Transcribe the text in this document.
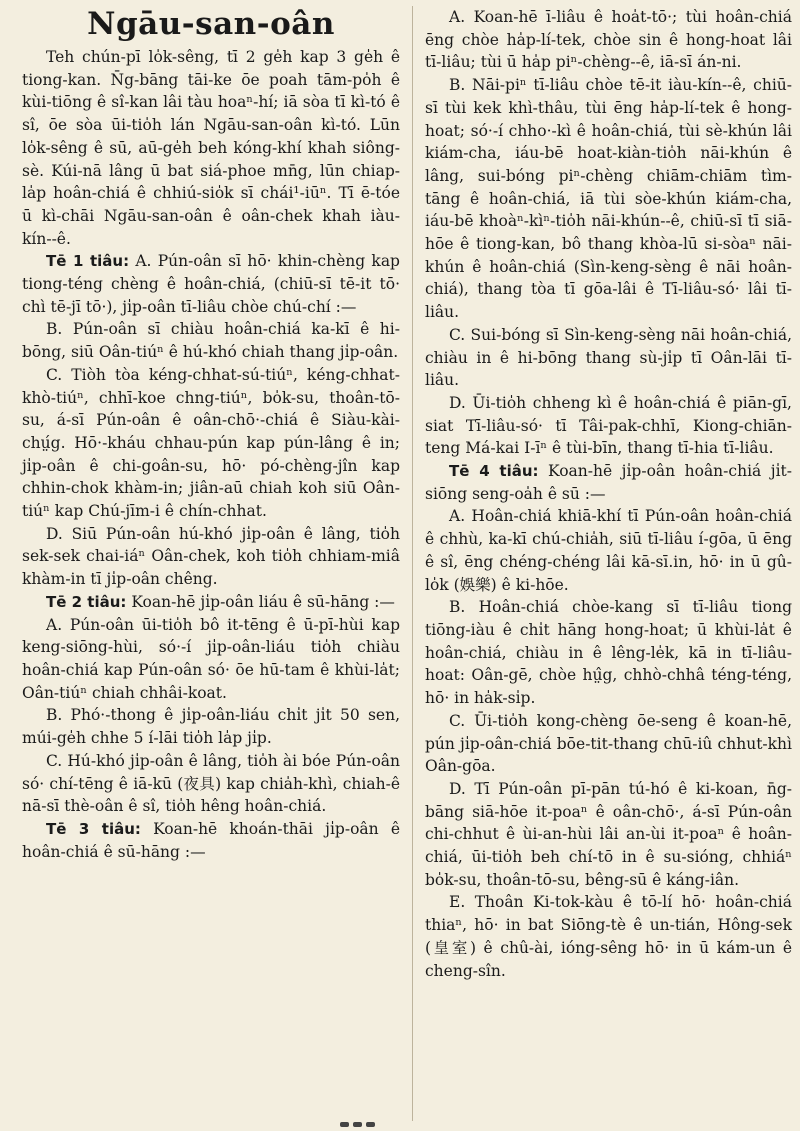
Ngāu-san-oân

Teh chún-pī lo̍k-sêng, tī 2 ge̍h kap 3 ge̍h ê tiong-kan. N̄g-bāng tāi-ke ōe poah tām-po̍h ê kùi-tiōng ê sî-kan lâi tàu hoaⁿ-hí; iā sòa tī kì-tó ê sî, ōe sòa ūi-tio̍h lán Ngāu-san-oân kì-tó. Lūn lo̍k-sêng ê sū, aū-ge̍h beh kóng-khí khah siông-sè. Kúi-nā lâng ū bat siá-phoe mn̄g, lūn chiap-la̍p hoân-chiá ê chhiú-sio̍k sī chái¹-iūⁿ. Tī ē-tóe ū kì-chāi Ngāu-san-oân ê oân-chek khah iàu-kín--ê.

Tē 1 tiâu: A. Pún-oân sī hō· khin-chèng kap tiong-téng chèng ê hoân-chiá, (chiū-sī tē-it tō· chì tē-jī tō·), ji̍p-oân tī-liâu chòe chú-chí :—

B. Pún-oân sī chiàu hoân-chiá ka-kī ê hi-bōng, siū Oân-tiúⁿ ê hú-khó chiah thang ji̍p-oân.

C. Tiòh tòa kéng-chhat-sú-tiúⁿ, kéng-chhat-khò-tiúⁿ, chhī-koe chng-tiúⁿ, bo̍k-su, thoân-tō-su, á-sī Pún-oân ê oân-chō·-chiá ê Siàu-kài-chṳ́g. Hō·-kháu chhau-pún kap pún-lâng ê in; ji̍p-oân ê chi-goân-su, hō· pó-chèng-jîn kap chhin-chok khàm-in; jiân-aū chiah koh siū Oân-tiúⁿ kap Chú-jīm-i ê chín-chhat.

D. Siū Pún-oân hú-khó ji̍p-oân ê lâng, tio̍h sek-sek chai-iáⁿ Oân-chek, koh tio̍h chhiam-miâ khàm-in tī ji̍p-oân chêng.

Tē 2 tiâu: Koan-hē ji̍p-oân liáu ê sū-hāng :—

A. Pún-oân ūi-tio̍h bô it-tēng ê ū-pī-hùi kap keng-siōng-hùi, só·-í ji̍p-oân-liáu tio̍h chiàu hoân-chiá kap Pún-oân só· ōe hū-tam ê khùi-la̍t; Oân-tiúⁿ chiah chhâi-koat.

B. Phó·-thong ê ji̍p-oân-liáu chi̍t ji̍t 50 sen, múi-ge̍h chhe 5 í-lāi tio̍h la̍p ji̍p.

C. Hú-khó ji̍p-oân ê lâng, tio̍h ài bóe Pún-oân só· chí-tēng ê iā-kū (夜具) kap chia̍h-khì, chiah-ê nā-sī thè-oân ê sî, tio̍h hêng hoân-chiá.

Tē 3 tiâu: Koan-hē khoán-thāi ji̍p-oân ê hoân-chiá ê sū-hāng :—

A. Koan-hē ī-liâu ê hoa̍t-tō·; tùi hoân-chiá ēng chòe ha̍p-lí-tek, chòe sin ê hong-hoat lâi tī-liâu; tùi ū ha̍p piⁿ-chèng--ê, iā-sī án-ni.

B. Nāi-piⁿ tī-liâu chòe tē-it iàu-kín--ê, chiū-sī tùi kek khì-thâu, tùi ēng ha̍p-lí-tek ê hong-hoat; só·-í chho·-kì ê hoân-chiá, tùi sè-khún lâi kiám-cha, iáu-bē hoat-kiàn-tio̍h nāi-khún ê lâng, sui-bóng piⁿ-chèng chiām-chiām tìm-tāng ê hoân-chiá, iā tùi sòe-khún kiám-cha, iáu-bē khoàⁿ-kìⁿ-tio̍h nāi-khún--ê, chiū-sī tī siā-hōe ê tiong-kan, bô thang khòa-lū si-sòaⁿ nāi-khún ê hoân-chiá (Sìn-keng-sèng ê nāi hoân-chiá), thang tòa tī gōa-lâi ê Tī-liâu-só· lâi tī-liâu.

C. Sui-bóng sī Sìn-keng-sèng nāi hoân-chiá, chiàu in ê hi-bōng thang sù-ji̍p tī Oân-lāi tī-liâu.

D. Ūi-tio̍h chheng kì ê hoân-chiá ê piān-gī, siat Tī-liâu-só· tī Tâi-pak-chhī, Kiong-chiān-teng Má-kai I-īⁿ ê tùi-bīn, thang tī-hia tī-liâu.

Tē 4 tiâu: Koan-hē ji̍p-oân hoân-chiá ji̍t-siōng seng-oa̍h ê sū :—

A. Hoân-chiá khiā-khí tī Pún-oân hoân-chiá ê chhù, ka-kī chú-chia̍h, siū tī-liâu í-gōa, ū ēng ê sî, ēng chéng-chéng lâi kā-sī.in, hō· in ū gû-lo̍k (娛樂) ê ki-hōe.

B. Hoân-chiá chòe-kang sī tī-liâu tiong tiōng-iàu ê chi̍t hāng hong-hoat; ū khùi-la̍t ê hoân-chiá, chiàu in ê lêng-le̍k, kā in tī-liâu-hoat: Oân-gē, chòe hṳ̂g, chhò-chhâ téng-téng, hō· in ha̍k-si̍p.

C. Ūi-tio̍h kong-chèng ōe-seng ê koan-hē, pún ji̍p-oân-chiá bōe-tit-thang chū-iû chhut-khì Oân-gōa.

D. Tī Pún-oân pī-pān tú-hó ê ki-koan, n̄g-bāng siā-hōe it-poaⁿ ê oân-chō·, á-sī Pún-oân chi-chhut ê ùi-an-hùi lâi an-ùi it-poaⁿ ê hoân-chiá, ūi-tio̍h beh chí-tō in ê su-sióng, chhiáⁿ bo̍k-su, thoân-tō-su, bêng-sū ê káng-iân.

E. Thoân Ki-tok-kàu ê tō-lí hō· hoân-chiá thiaⁿ, hō· in bat Siōng-tè ê un-tián, Hông-sek (皇室) ê chû-ài, ióng-sêng hō· in ū kám-un ê cheng-sîn.
